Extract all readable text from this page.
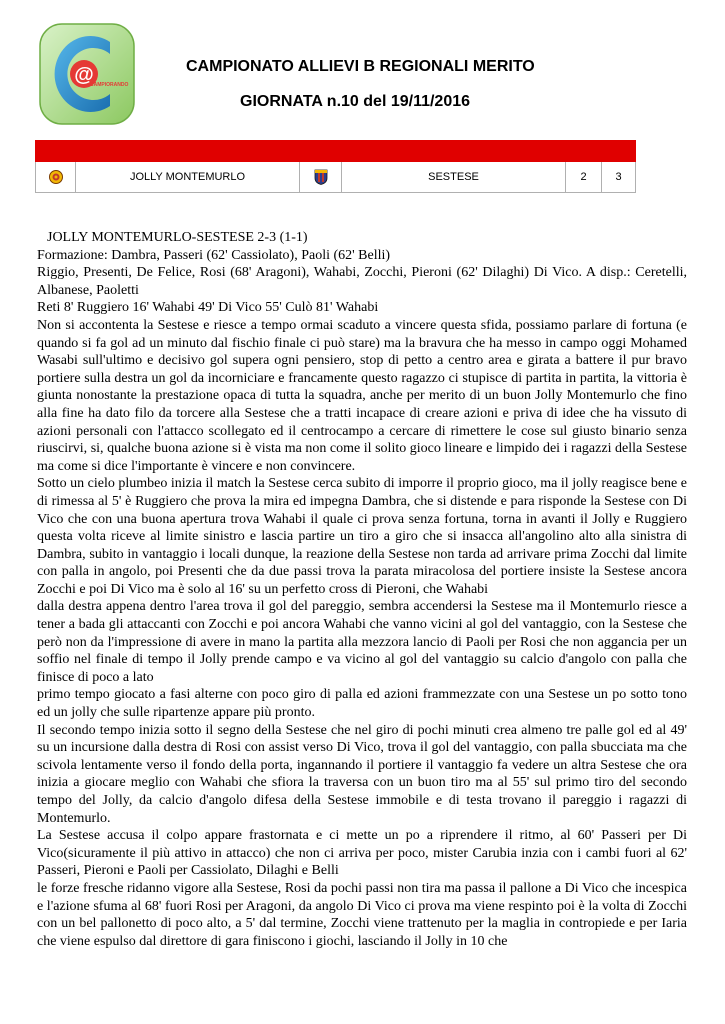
@
CAMPIORANDO
CAMPIONATO ALLIEVI B REGIONALI MERITO
GIORNATA n.10 del 19/11/2016

	JOLLY MONTEMURLO		SESTESE	2	3

JOLLY MONTEMURLO-SESTESE 2-3 (1-1)

Formazione: Dambra, Passeri (62' Cassiolato), Paoli (62' Belli)

Riggio, Presenti, De Felice, Rosi (68' Aragoni), Wahabi, Zocchi, Pieroni (62' Dilaghi) Di Vico. A disp.: Ceretelli, Albanese, Paoletti

Reti 8' Ruggiero 16' Wahabi 49' Di Vico 55' Culò 81' Wahabi

Non si accontenta la Sestese e riesce a tempo ormai scaduto a vincere questa sfida, possiamo parlare di fortuna (e quando si fa gol ad un minuto dal fischio finale ci può stare) ma la bravura che ha messo in campo oggi Mohamed Wasabi sull'ultimo e decisivo gol supera ogni pensiero, stop di petto a centro area e girata a battere il pur bravo portiere sulla destra un gol da incorniciare e francamente questo ragazzo ci stupisce di partita in partita, la vittoria è giunta nonostante la prestazione opaca di tutta la squadra, anche per merito di un buon Jolly Montemurlo che fino alla fine ha dato filo da torcere alla Sestese che a tratti incapace di creare azioni e priva di idee che ha vissuto di azioni personali con l'attacco scollegato ed il centrocampo a cercare di rimettere le cose sul giusto binario senza riuscirvi, si, qualche buona azione si è vista ma non come il solito gioco lineare e limpido dei i ragazzi della Sestese ma come si dice l'importante è vincere e non convincere.

Sotto un cielo plumbeo inizia il match la Sestese cerca subito di imporre il proprio gioco, ma il jolly reagisce bene e di rimessa al 5' è Ruggiero che prova la mira ed impegna Dambra, che si distende e para risponde la Sestese con Di Vico che con una buona apertura trova Wahabi il quale ci prova senza fortuna, torna in avanti il Jolly e Ruggiero questa volta riceve al limite sinistro e lascia partire un tiro a giro che si insacca all'angolino alto alla sinistra di Dambra, subito in vantaggio i locali dunque, la reazione della Sestese non tarda ad arrivare prima Zocchi dal limite con palla in angolo, poi Presenti che da due passi trova la parata miracolosa del portiere insiste la Sestese ancora Zocchi e poi Di Vico ma è solo al 16' su un perfetto cross di Pieroni, che Wahabi

dalla destra appena dentro l'area trova il gol del pareggio, sembra accendersi la Sestese ma il Montemurlo riesce a tener a bada gli attaccanti con Zocchi e poi ancora Wahabi che vanno vicini al gol del vantaggio, con la Sestese che però non da l'impressione di avere in mano la partita alla mezzora lancio di Paoli per Rosi che non aggancia per un soffio nel finale di tempo il Jolly prende campo e va vicino al gol del vantaggio su calcio d'angolo con palla che finisce di poco a lato

primo tempo giocato a fasi alterne con poco giro di palla ed azioni frammezzate con una Sestese un po sotto tono ed un jolly che sulle ripartenze appare più pronto.

Il secondo tempo inizia sotto il segno della Sestese che nel giro di pochi minuti crea almeno tre palle gol ed al 49' su un incursione dalla destra di Rosi con assist verso Di Vico, trova il gol del vantaggio, con palla sbucciata ma che scivola lentamente verso il fondo della porta, ingannando il portiere il vantaggio fa vedere un altra Sestese che ora inizia a giocare meglio con Wahabi che sfiora la traversa con un buon tiro ma al 55' sul primo tiro del secondo tempo del Jolly, da calcio d'angolo difesa della Sestese immobile e di testa trovano il pareggio i ragazzi di Montemurlo.

La Sestese accusa il colpo appare frastornata e ci mette un po a riprendere il ritmo, al 60' Passeri per Di Vico(sicuramente il più attivo in attacco) che non ci arriva per poco, mister Carubia inzia con i cambi fuori al 62' Passeri, Pieroni e Paoli per Cassiolato, Dilaghi e Belli

le forze fresche ridanno vigore alla Sestese, Rosi da pochi passi non tira ma passa il pallone a Di Vico che incespica e l'azione sfuma al 68' fuori Rosi per Aragoni, da angolo Di Vico ci prova ma viene respinto poi è la volta di Zocchi con un bel pallonetto di poco alto, a 5' dal termine, Zocchi viene trattenuto per la maglia in contropiede e per Iaria che viene espulso dal direttore di gara finiscono i giochi, lasciando il Jolly in 10 che
